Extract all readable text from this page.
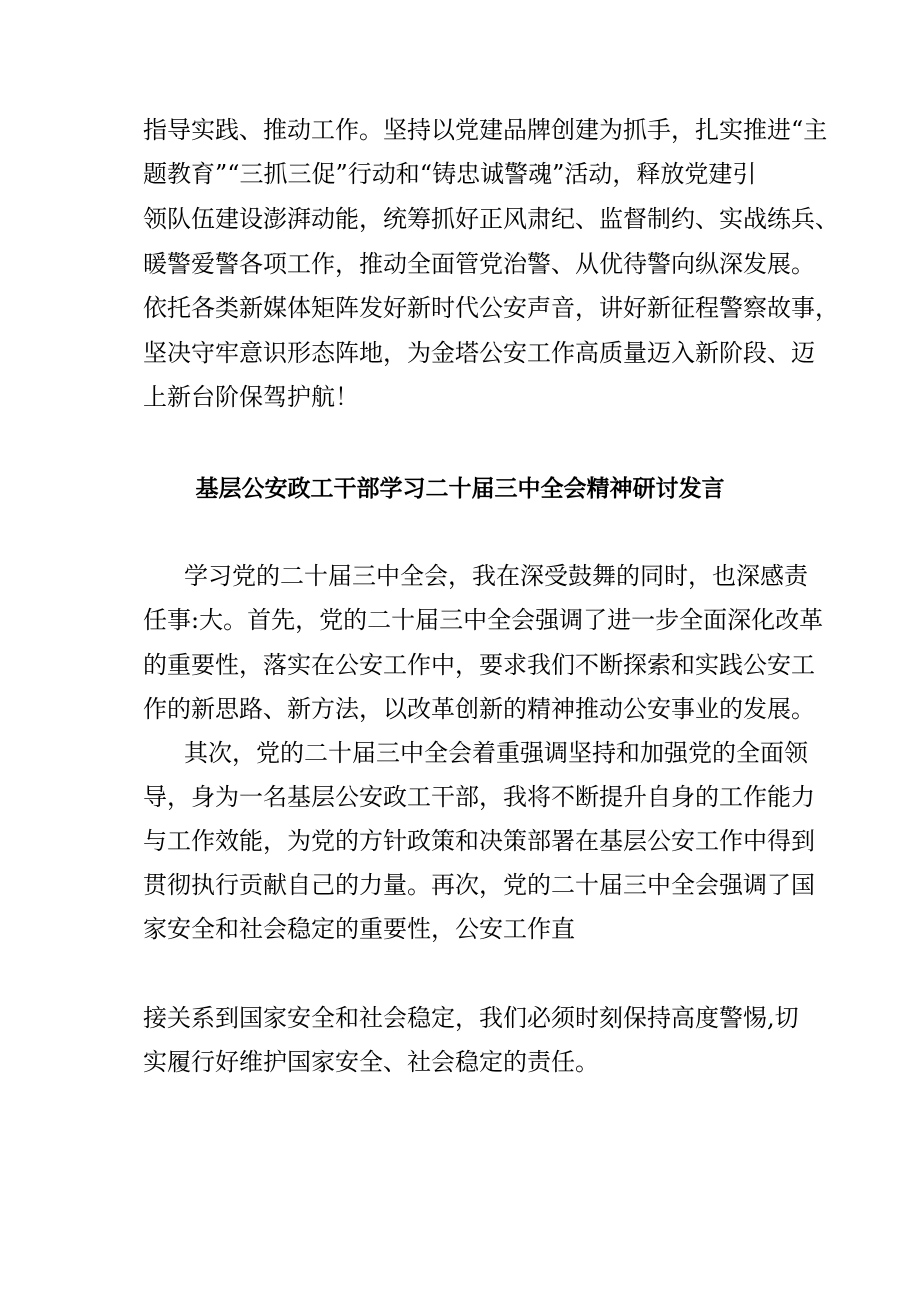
指导实践、推动工作。坚持以党建品牌创建为抓手，扎实推进“主
题教育”“三抓三促”行动和“铸忠诚警魂”活动，释放党建引
领队伍建设澎湃动能，统筹抓好正风肃纪、监督制约、实战练兵、
暖警爱警各项工作，推动全面管党治警、从优待警向纵深发展。
依托各类新媒体矩阵发好新时代公安声音，讲好新征程警察故事，
坚决守牢意识形态阵地，为金塔公安工作高质量迈入新阶段、迈
上新台阶保驾护航！
基层公安政工干部学习二十届三中全会精神研讨发言
学习党的二十届三中全会，我在深受鼓舞的同时，也深感责
任事:大。首先，党的二十届三中全会强调了进一步全面深化改革
的重要性，落实在公安工作中，要求我们不断探索和实践公安工
作的新思路、新方法，以改革创新的精神推动公安事业的发展。
其次，党的二十届三中全会着重强调坚持和加强党的全面领
导，身为一名基层公安政工干部，我将不断提升自身的工作能力
与工作效能，为党的方针政策和决策部署在基层公安工作中得到
贯彻执行贡献自己的力量。再次，党的二十届三中全会强调了国
家安全和社会稳定的重要性，公安工作直
接关系到国家安全和社会稳定，我们必须时刻保持高度警惕,切
实履行好维护国家安全、社会稳定的责任。
